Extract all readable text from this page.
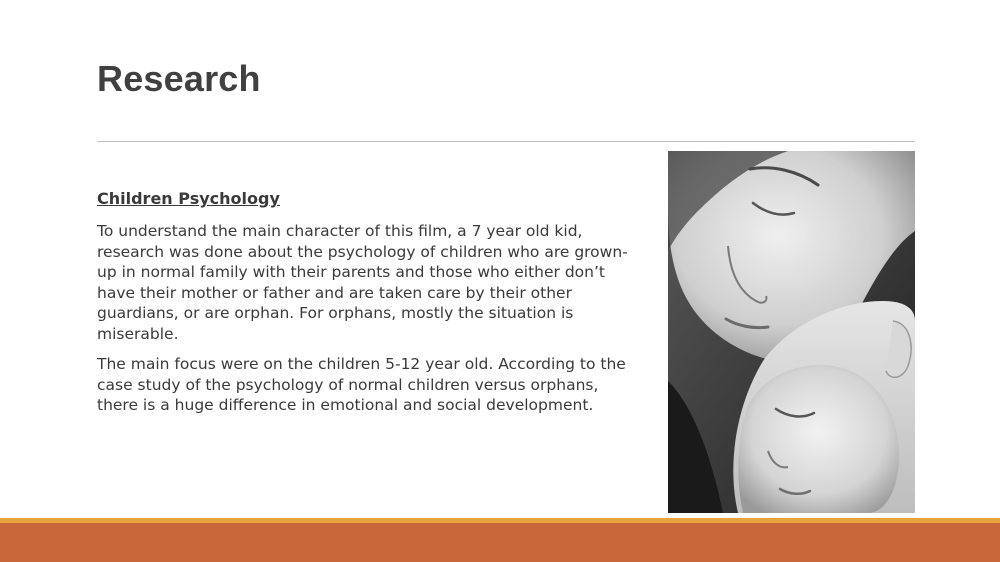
Research
Children Psychology

To understand the main character of this film, a 7 year old kid, research was done about the psychology of children who are grown-up in normal family with their parents and those who either don’t have their mother or father and are taken care by their other guardians, or are orphan. For orphans, mostly the situation is miserable.

The main focus were on the children 5-12 year old. According to the case study of the psychology of normal children versus orphans, there is a huge difference in emotional and social development.
